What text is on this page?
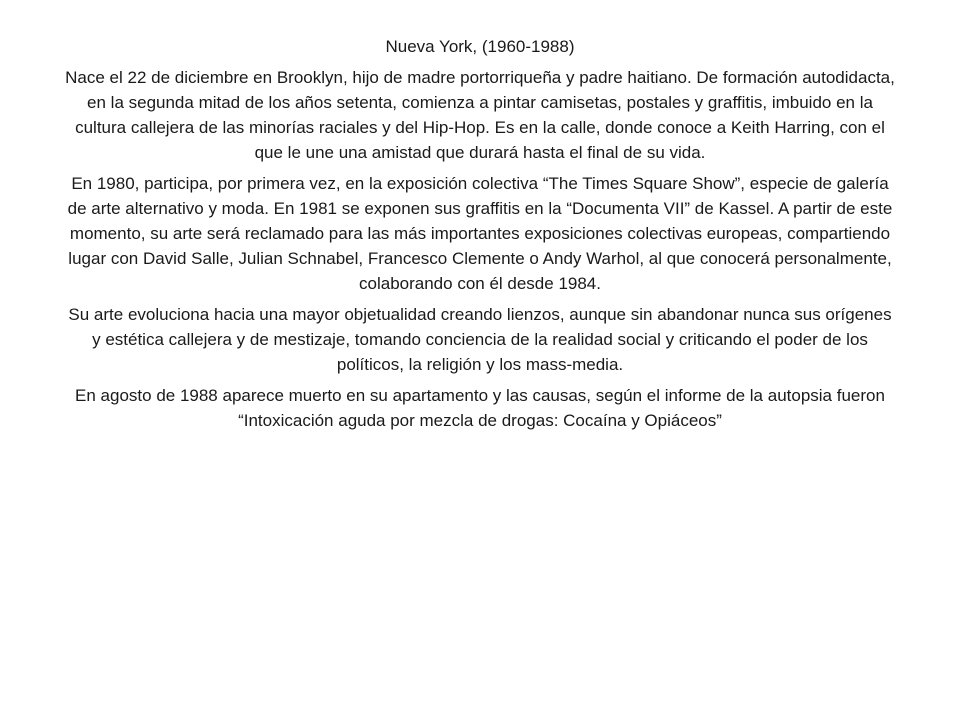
Nueva York, (1960-1988)

Nace el 22 de diciembre en Brooklyn, hijo de madre portorriqueña y padre haitiano. De formación autodidacta, en la segunda mitad de los años setenta, comienza a pintar camisetas, postales y graffitis, imbuido en la cultura callejera de las minorías raciales y del Hip-Hop. Es en la calle, donde conoce a Keith Harring, con el que le une una amistad que durará hasta el final de su vida.

En 1980, participa, por primera vez, en la exposición colectiva “The Times Square Show”, especie de galería de arte alternativo y moda. En 1981 se exponen sus graffitis en la “Documenta VII” de Kassel. A partir de este momento, su arte será reclamado para las más importantes exposiciones colectivas europeas, compartiendo lugar con David Salle, Julian Schnabel, Francesco Clemente o Andy Warhol, al que conocerá personalmente, colaborando con él desde 1984.

Su arte evoluciona hacia una mayor objetualidad creando lienzos, aunque sin abandonar nunca sus orígenes y estética callejera y de mestizaje, tomando conciencia de la realidad social y criticando el poder de los políticos, la religión y los mass-media.

En agosto de 1988 aparece muerto en su apartamento y las causas, según el informe de la autopsia fueron “Intoxicación aguda por mezcla de drogas: Cocaína y Opiáceos”
